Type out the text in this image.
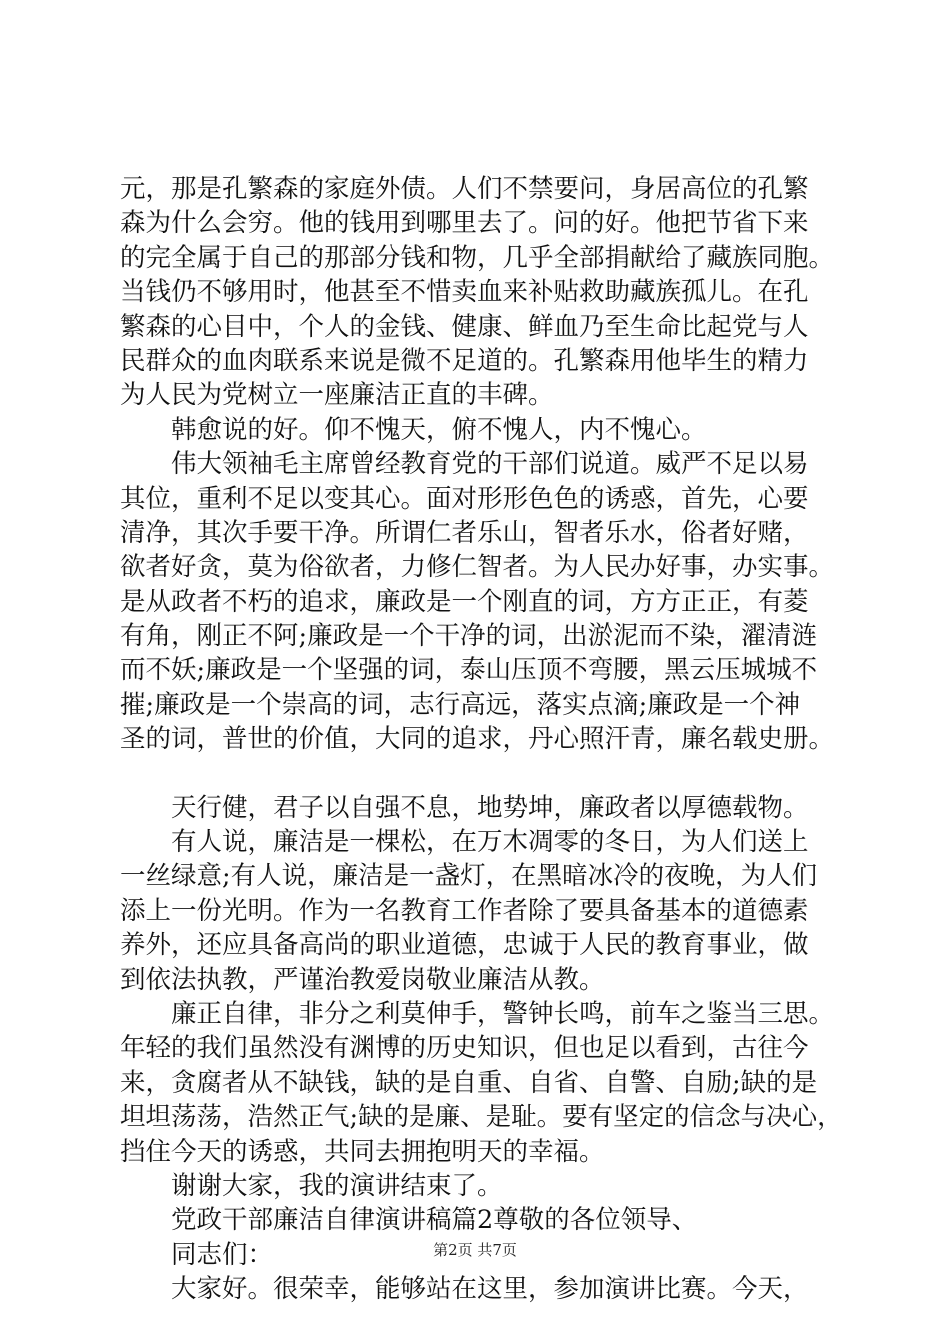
元，那是孔繁森的家庭外债。人们不禁要问，身居高位的孔繁
森为什么会穷。他的钱用到哪里去了。问的好。他把节省下来
的完全属于自己的那部分钱和物，几乎全部捐献给了藏族同胞。
当钱仍不够用时，他甚至不惜卖血来补贴救助藏族孤儿。在孔
繁森的心目中，个人的金钱、健康、鲜血乃至生命比起党与人
民群众的血肉联系来说是微不足道的。孔繁森用他毕生的精力
为人民为党树立一座廉洁正直的丰碑。
　　韩愈说的好。仰不愧天，俯不愧人，内不愧心。
　　伟大领袖毛主席曾经教育党的干部们说道。威严不足以易
其位，重利不足以变其心。面对形形色色的诱惑，首先，心要
清净，其次手要干净。所谓仁者乐山，智者乐水，俗者好赌，
欲者好贪，莫为俗欲者，力修仁智者。为人民办好事，办实事。
是从政者不朽的追求，廉政是一个刚直的词，方方正正，有菱
有角，刚正不阿;廉政是一个干净的词，出淤泥而不染，濯清涟
而不妖;廉政是一个坚强的词，泰山压顶不弯腰，黑云压城城不
摧;廉政是一个崇高的词，志行高远，落实点滴;廉政是一个神
圣的词，普世的价值，大同的追求，丹心照汗青，廉名载史册。
　　天行健，君子以自强不息，地势坤，廉政者以厚德载物。
　　有人说，廉洁是一棵松，在万木凋零的冬日，为人们送上
一丝绿意;有人说，廉洁是一盏灯，在黑暗冰冷的夜晚，为人们
添上一份光明。作为一名教育工作者除了要具备基本的道德素
养外，还应具备高尚的职业道德，忠诚于人民的教育事业，做
到依法执教，严谨治教爱岗敬业廉洁从教。
　　廉正自律，非分之利莫伸手，警钟长鸣，前车之鉴当三思。
年轻的我们虽然没有渊博的历史知识，但也足以看到，古往今
来，贪腐者从不缺钱，缺的是自重、自省、自警、自励;缺的是
坦坦荡荡，浩然正气;缺的是廉、是耻。要有坚定的信念与决心，
挡住今天的诱惑，共同去拥抱明天的幸福。
　　谢谢大家，我的演讲结束了。
　　党政干部廉洁自律演讲稿篇2尊敬的各位领导、
　　同志们：
　　大家好。很荣幸，能够站在这里，参加演讲比赛。今天，
第2页 共7页
